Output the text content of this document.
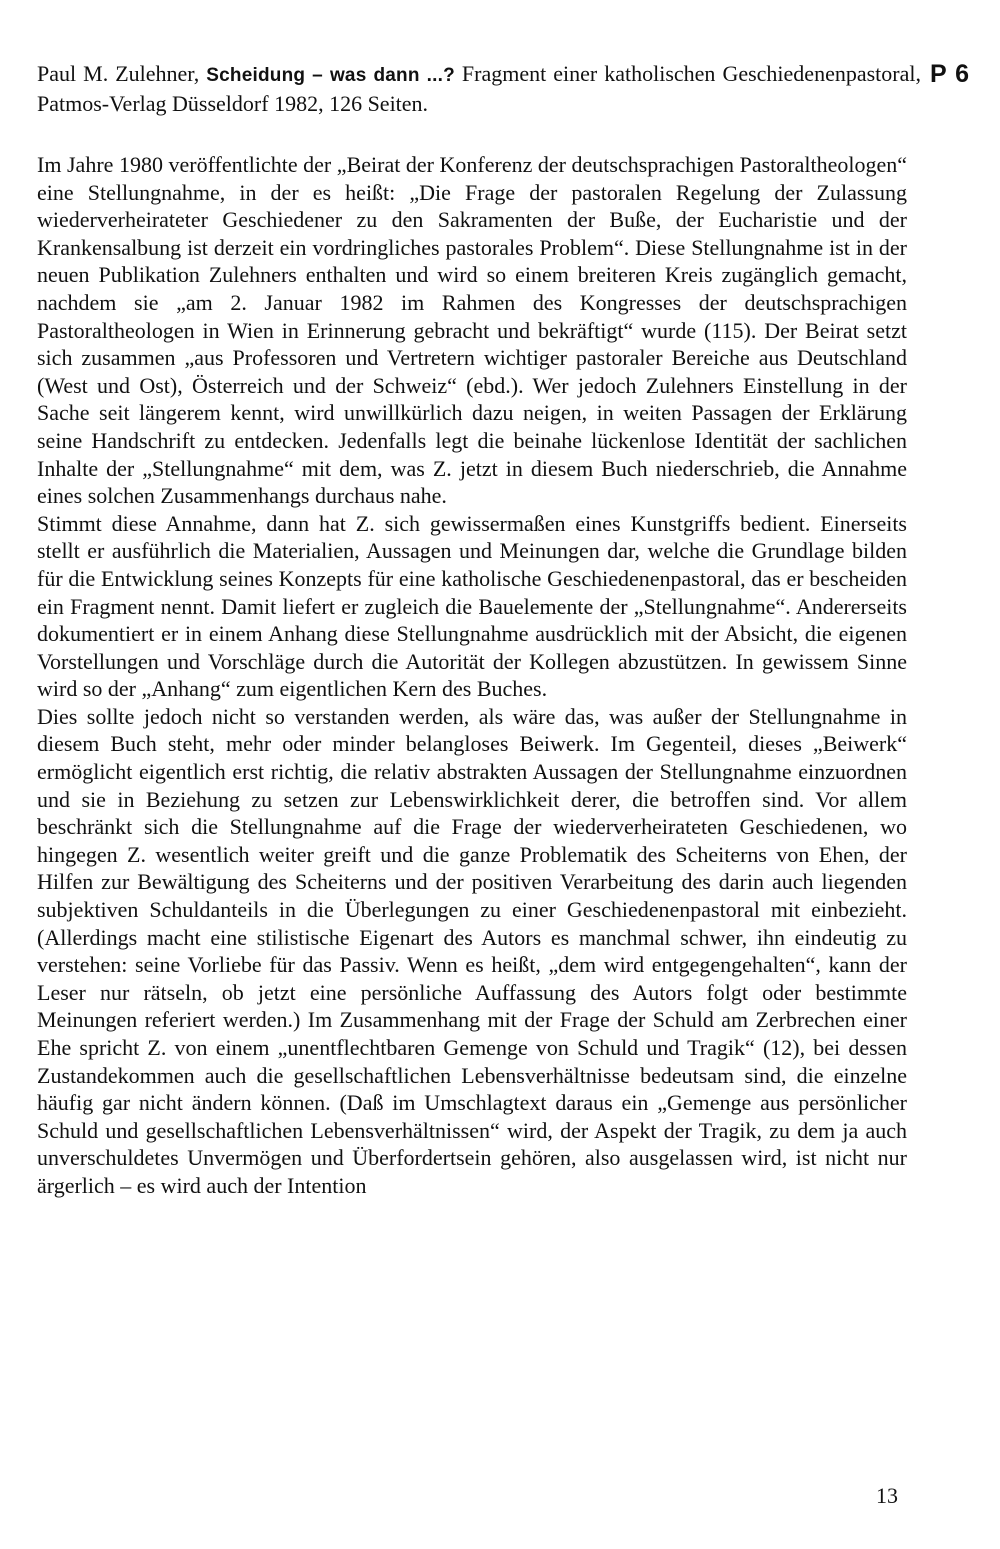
Paul M. Zulehner, Scheidung – was dann ...? Fragment einer katholischen Geschiedenenpastoral, Patmos-Verlag Düsseldorf 1982, 126 Seiten.
P 6

Im Jahre 1980 veröffentlichte der „Beirat der Konferenz der deutschsprachigen Pastoraltheologen“ eine Stellungnahme, in der es heißt: „Die Frage der pastoralen Regelung der Zulassung wiederverheirateter Geschiedener zu den Sakramenten der Buße, der Eucharistie und der Krankensalbung ist derzeit ein vordringliches pastorales Problem“. Diese Stellungnahme ist in der neuen Publikation Zulehners enthalten und wird so einem breiteren Kreis zugänglich gemacht, nachdem sie „am 2. Januar 1982 im Rahmen des Kongresses der deutschsprachigen Pastoraltheologen in Wien in Erinnerung gebracht und bekräftigt“ wurde (115). Der Beirat setzt sich zusammen „aus Professoren und Vertretern wichtiger pastoraler Bereiche aus Deutschland (West und Ost), Österreich und der Schweiz“ (ebd.). Wer jedoch Zulehners Einstellung in der Sache seit längerem kennt, wird unwillkürlich dazu neigen, in weiten Passagen der Erklärung seine Handschrift zu entdecken. Jedenfalls legt die beinahe lückenlose Identität der sachlichen Inhalte der „Stellungnahme“ mit dem, was Z. jetzt in diesem Buch niederschrieb, die Annahme eines solchen Zusammenhangs durchaus nahe.

Stimmt diese Annahme, dann hat Z. sich gewissermaßen eines Kunstgriffs bedient. Einerseits stellt er ausführlich die Materialien, Aussagen und Meinungen dar, welche die Grundlage bilden für die Entwicklung seines Konzepts für eine katholische Geschiedenenpastoral, das er bescheiden ein Fragment nennt. Damit liefert er zugleich die Bauelemente der „Stellungnahme“. Andererseits dokumentiert er in einem Anhang diese Stellungnahme ausdrücklich mit der Absicht, die eigenen Vorstellungen und Vorschläge durch die Autorität der Kollegen abzustützen. In gewissem Sinne wird so der „Anhang“ zum eigentlichen Kern des Buches.

Dies sollte jedoch nicht so verstanden werden, als wäre das, was außer der Stellungnahme in diesem Buch steht, mehr oder minder belangloses Beiwerk. Im Gegenteil, dieses „Beiwerk“ ermöglicht eigentlich erst richtig, die relativ abstrakten Aussagen der Stellungnahme einzuordnen und sie in Beziehung zu setzen zur Lebenswirklichkeit derer, die betroffen sind. Vor allem beschränkt sich die Stellungnahme auf die Frage der wiederverheirateten Geschiedenen, wo hingegen Z. wesentlich weiter greift und die ganze Problematik des Scheiterns von Ehen, der Hilfen zur Bewältigung des Scheiterns und der positiven Verarbeitung des darin auch liegenden subjektiven Schuldanteils in die Überlegungen zu einer Geschiedenenpastoral mit einbezieht. (Allerdings macht eine stilistische Eigenart des Autors es manchmal schwer, ihn eindeutig zu verstehen: seine Vorliebe für das Passiv. Wenn es heißt, „dem wird entgegengehalten“, kann der Leser nur rätseln, ob jetzt eine persönliche Auffassung des Autors folgt oder bestimmte Meinungen referiert werden.) Im Zusammenhang mit der Frage der Schuld am Zerbrechen einer Ehe spricht Z. von einem „unentflechtbaren Gemenge von Schuld und Tragik“ (12), bei dessen Zustandekommen auch die gesellschaftlichen Lebensverhältnisse bedeutsam sind, die einzelne häufig gar nicht ändern können. (Daß im Umschlagtext daraus ein „Gemenge aus persönlicher Schuld und gesellschaftlichen Lebensverhältnissen“ wird, der Aspekt der Tragik, zu dem ja auch unverschuldetes Unvermögen und Überfordertsein gehören, also ausgelassen wird, ist nicht nur ärgerlich – es wird auch der Intention

13
